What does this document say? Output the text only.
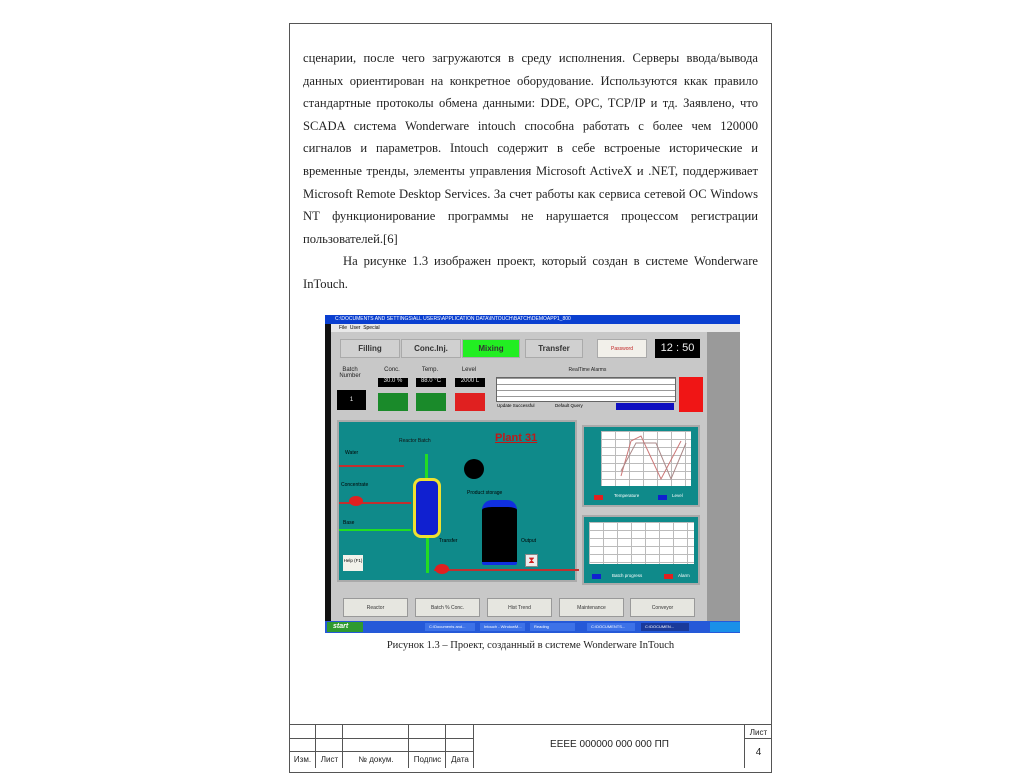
сценарии, после чего загружаются в среду исполнения. Серверы ввода/вывода данных ориентирован на конкретное оборудование. Используются ккак правило стандартные протоколы обмена данными: DDE, OPC, TCP/IP и тд. Заявлено, что SCADA система Wonderware intouch способна работать с более чем 120000 сигналов и параметров. Intouch содержит в себе встроеные исторические и временные тренды, элементы управления Microsoft ActiveX и .NET, поддерживает Microsoft Remote Desktop Services. За счет работы как сервиса сетевой ОС Windows NT функционирование программы не нарушается процессом регистрации пользователей.[6]

На рисунке 1.3 изображен проект, который создан в системе Wonderware InTouch.

C:\DOCUMENTS AND SETTINGS\ALL USERS\APPLICATION DATA\INTOUCH\BATCH\DEMOAPP1_800
File User Special
Filling	Conc.Inj.	Mixing	Transfer	Password	12 : 50
Batch Number
1
Conc.
30.0 %
Temp.
88.0 °C
Level
2000 L
RealTime Alarms
Update Successful	Default Query
Plant 31
Reactor Batch
Water
Concentrate
Base
Product storage
Transfer	Output
⧗
Help (F1)
Temperature	Level
Batch progress	Alarm
Reactor	Batch % Conc.	Hist Trend	Maintenance	Conveyor
start	C:\Documents and...	Intouch - WindowM...	Reading	C:\DOCUMENTS...	C:\DOCUMEN...
Рисунок 1.3 – Проект, созданный в системе Wonderware InTouch
Изм.	Лист	№ докум.	Подпис	Дата
ЕЕЕЕ 000000 000 000 ПП
Лист
4
